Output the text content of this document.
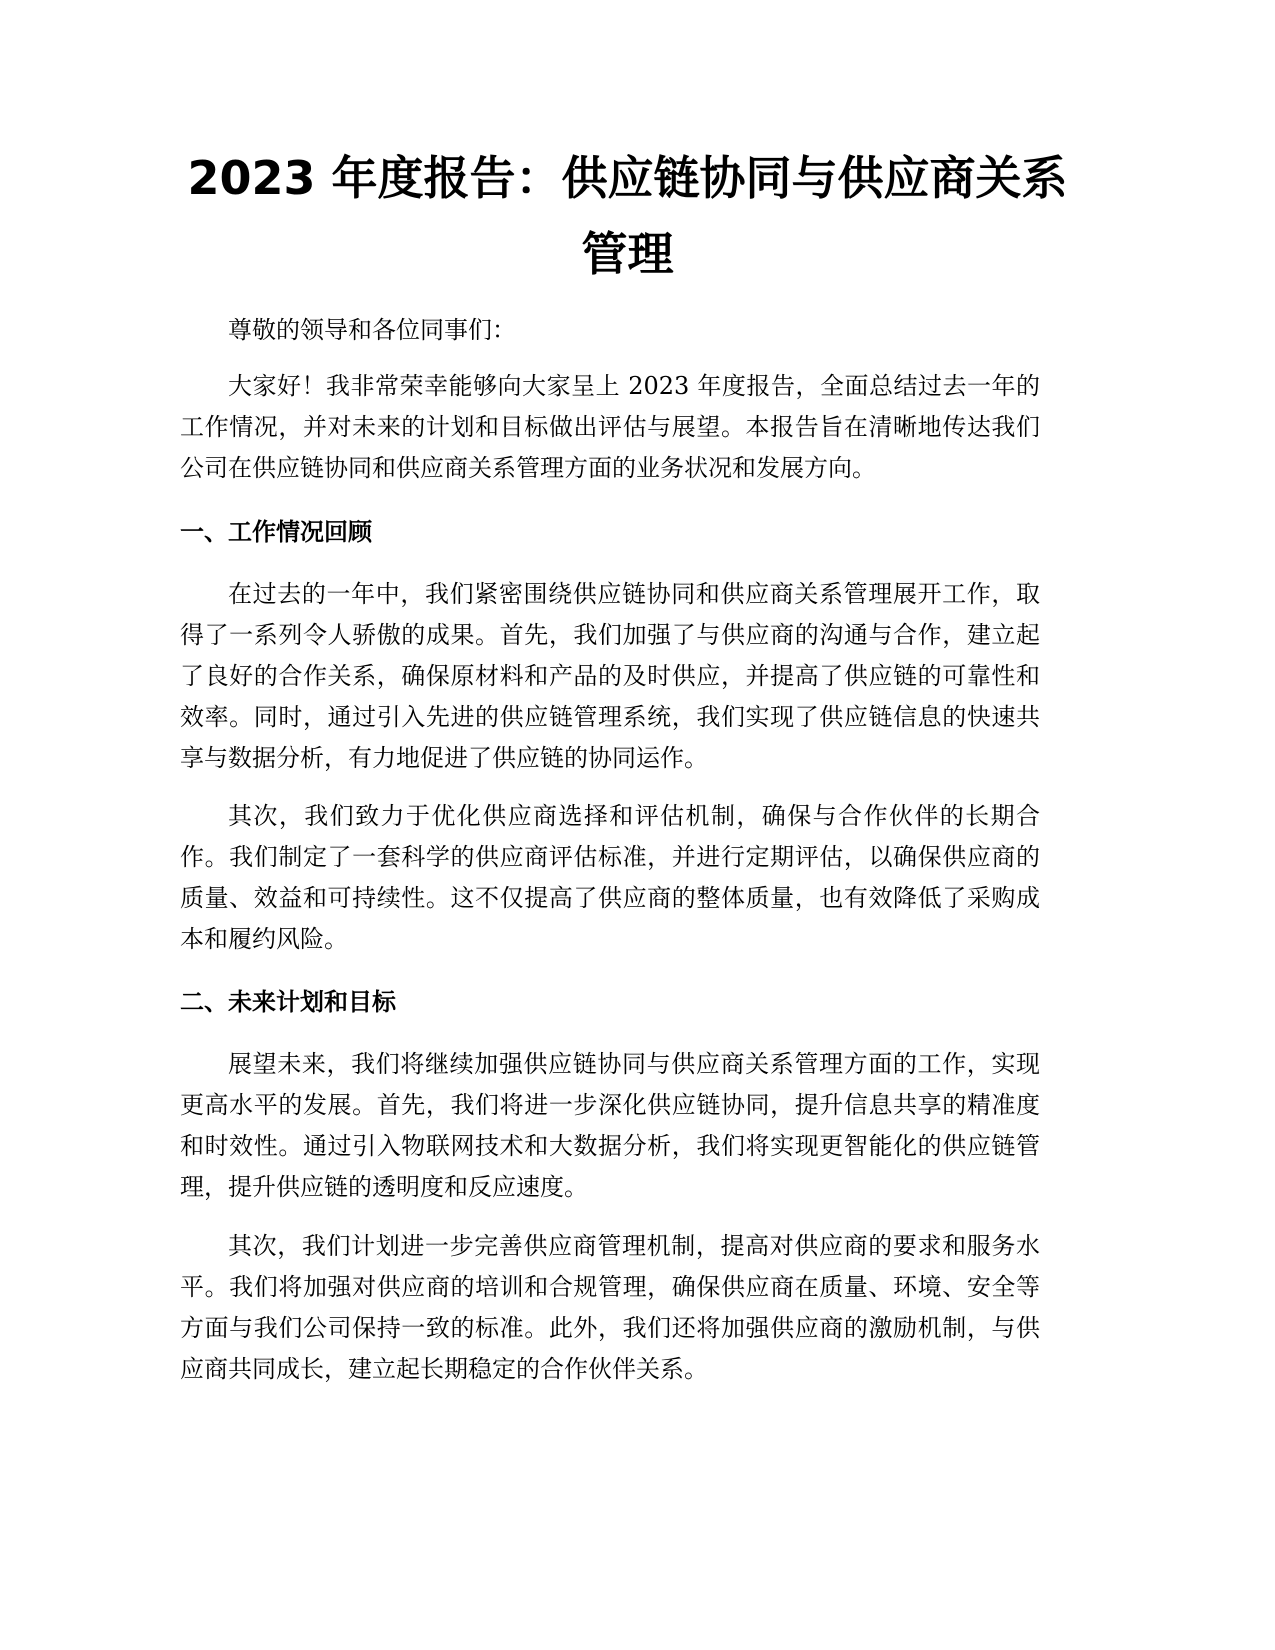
2023 年度报告：供应链协同与供应商关系管理

尊敬的领导和各位同事们：

大家好！我非常荣幸能够向大家呈上 2023 年度报告，全面总结过去一年的工作情况，并对未来的计划和目标做出评估与展望。本报告旨在清晰地传达我们公司在供应链协同和供应商关系管理方面的业务状况和发展方向。

一、工作情况回顾

在过去的一年中，我们紧密围绕供应链协同和供应商关系管理展开工作，取得了一系列令人骄傲的成果。首先，我们加强了与供应商的沟通与合作，建立起了良好的合作关系，确保原材料和产品的及时供应，并提高了供应链的可靠性和效率。同时，通过引入先进的供应链管理系统，我们实现了供应链信息的快速共享与数据分析，有力地促进了供应链的协同运作。

其次，我们致力于优化供应商选择和评估机制，确保与合作伙伴的长期合作。我们制定了一套科学的供应商评估标准，并进行定期评估，以确保供应商的质量、效益和可持续性。这不仅提高了供应商的整体质量，也有效降低了采购成本和履约风险。

二、未来计划和目标

展望未来，我们将继续加强供应链协同与供应商关系管理方面的工作，实现更高水平的发展。首先，我们将进一步深化供应链协同，提升信息共享的精准度和时效性。通过引入物联网技术和大数据分析，我们将实现更智能化的供应链管理，提升供应链的透明度和反应速度。

其次，我们计划进一步完善供应商管理机制，提高对供应商的要求和服务水平。我们将加强对供应商的培训和合规管理，确保供应商在质量、环境、安全等方面与我们公司保持一致的标准。此外，我们还将加强供应商的激励机制，与供应商共同成长，建立起长期稳定的合作伙伴关系。
